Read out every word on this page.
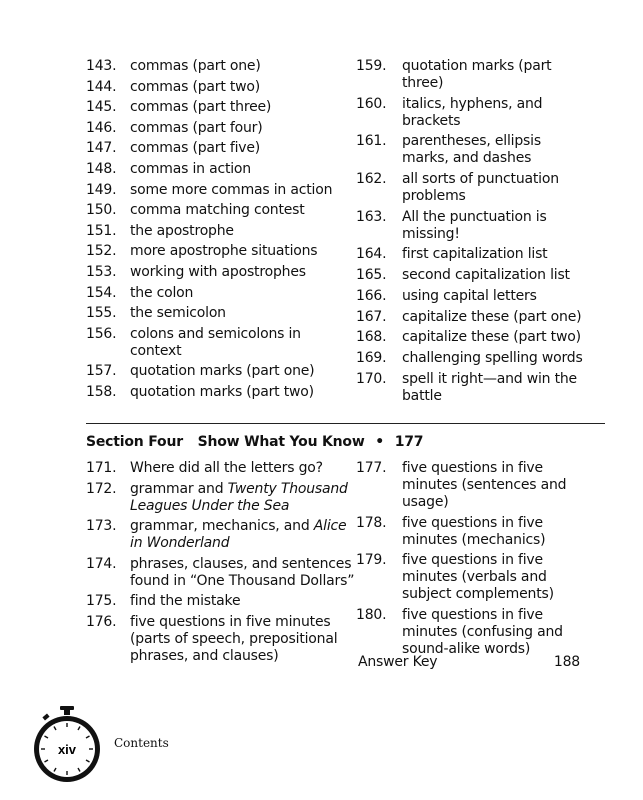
143. commas (part one)
144. commas (part two)
145. commas (part three)
146. commas (part four)
147. commas (part five)
148. commas in action
149. some more commas in action
150. comma matching contest
151. the apostrophe
152. more apostrophe situations
153. working with apostrophes
154. the colon
155. the semicolon
156. colons and semicolons in context
157. quotation marks (part one)
158. quotation marks (part two)
159.	quotation marks (part three)
160.	italics, hyphens, and brackets
161.	parentheses, ellipsis marks, and dashes
162.	all sorts of punctuation problems
163.	All the punctuation is missing!
164.	first capitalization list
165.	second capitalization list
166.	using capital letters
167.	capitalize these (part one)
168.	capitalize these (part two)
169.	challenging spelling words
170.	spell it right—and win the battle
Section Four Show What You Know • 177
171. Where did all the letters go?
172. grammar and Twenty Thousand Leagues Under the Sea
173. grammar, mechanics, and Alice in Wonderland
174. phrases, clauses, and sentences found in “One Thousand Dollars”
175. find the mistake
176. five questions in five minutes (parts of speech, prepositional phrases, and clauses)
177.	five questions in five minutes (sentences and usage)
178.	five questions in five minutes (mechanics)
179.	five questions in five minutes (verbals and subject complements)
180.	five questions in five minutes (confusing and sound-alike words)
Answer Key	188
xiv	Contents
